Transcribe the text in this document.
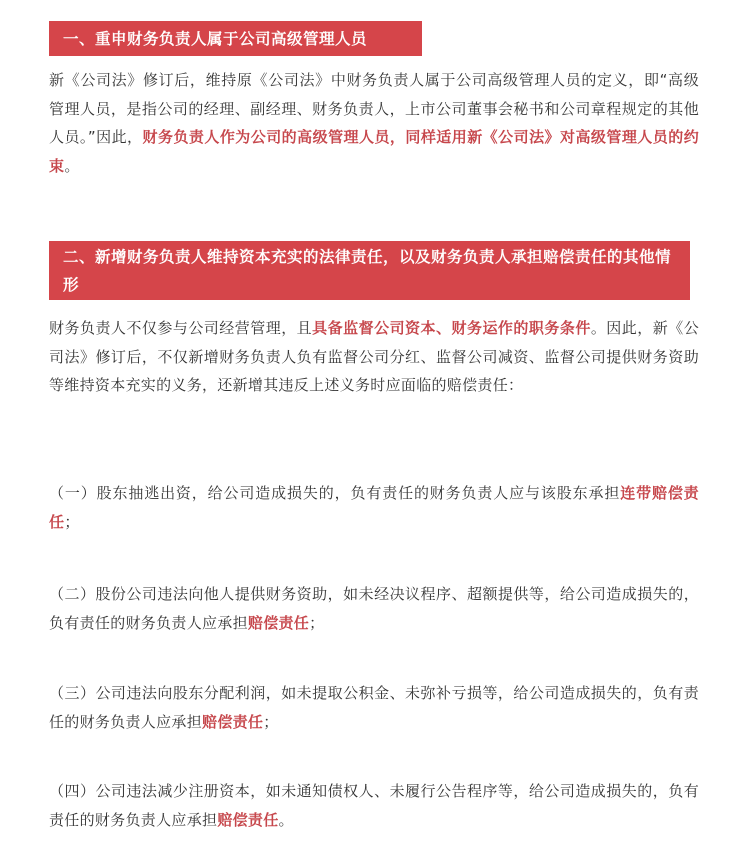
一、重申财务负责人属于公司高级管理人员

新《公司法》修订后，维持原《公司法》中财务负责人属于公司高级管理人员的定义，即“高级管理人员，是指公司的经理、副经理、财务负责人，上市公司董事会秘书和公司章程规定的其他人员。”因此，财务负责人作为公司的高级管理人员，同样适用新《公司法》对高级管理人员的约束。

二、新增财务负责人维持资本充实的法律责任，以及财务负责人承担赔偿责任的其他情形

财务负责人不仅参与公司经营管理，且具备监督公司资本、财务运作的职务条件。因此，新《公司法》修订后，不仅新增财务负责人负有监督公司分红、监督公司减资、监督公司提供财务资助等维持资本充实的义务，还新增其违反上述义务时应面临的赔偿责任：

（一）股东抽逃出资，给公司造成损失的，负有责任的财务负责人应与该股东承担连带赔偿责任；

（二）股份公司违法向他人提供财务资助，如未经决议程序、超额提供等，给公司造成损失的，负有责任的财务负责人应承担赔偿责任；

（三）公司违法向股东分配利润，如未提取公积金、未弥补亏损等，给公司造成损失的，负有责任的财务负责人应承担赔偿责任；

（四）公司违法减少注册资本，如未通知债权人、未履行公告程序等，给公司造成损失的，负有责任的财务负责人应承担赔偿责任。
